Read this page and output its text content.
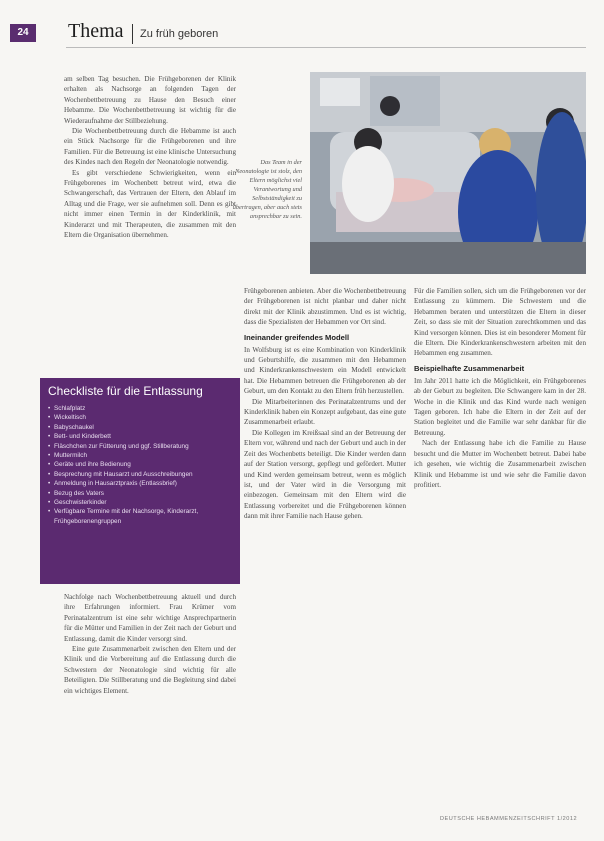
24	Thema Zu früh geboren

am selben Tag besuchen. Die Frühgeborenen der Klinik erhalten als Nachsorge an folgenden Tagen der Wochenbettbetreuung zu Hause den Besuch einer Hebamme. Die Wochenbettbetreuung ist wichtig für die Wiederaufnahme der Stillbeziehung.

Die Wochenbettbetreuung durch die Hebamme ist auch ein Stück Nachsorge für die Frühgeborenen und ihre Familien. Für die Betreuung ist eine klinische Untersuchung des Kindes nach den Regeln der Neonatologie notwendig.

Es gibt verschiedene Schwierigkeiten, wenn ein Frühgeborenes im Wochenbett betreut wird, etwa die Schwangerschaft, das Vertrauen der Eltern, den Ablauf im Alltag und die Frage, wer sie aufnehmen soll. Denn es gibt nicht immer einen Termin in der Kinderklinik, mit Kinderarzt und mit Therapeuten, die zusammen mit den Eltern die Organisation übernehmen.

Das Team in der Neonatologie ist stolz, den Eltern möglichst viel Verantwortung und Selbstständigkeit zu übertragen, aber auch stets ansprechbar zu sein.
Checkliste für die Entlassung
• Schlafplatz
• Wickeltisch
• Babyschaukel
• Bett- und Kinderbett
• Fläschchen zur Fütterung und ggf. Stillberatung
• Muttermilch
• Geräte und ihre Bedienung
• Besprechung mit Hausarzt und Ausschreibungen
• Anmeldung in Hausarztpraxis (Entlassbrief)
• Bezug des Vaters
• Geschwisterkinder
• Verfügbare Termine mit der Nachsorge, Kinderarzt, Frühgeborenengruppen

Nachfolge nach Wochenbettbetreuung aktuell und durch ihre Erfahrungen informiert. Frau Krümer vom Perinatalzentrum ist eine sehr wichtige Ansprechpartnerin für die Mütter und Familien in der Zeit nach der Geburt und Entlassung, damit die Kinder versorgt sind.

Eine gute Zusammenarbeit zwischen den Eltern und der Klinik und die Vorbereitung auf die Entlassung durch die Schwestern der Neonatologie sind wichtig für alle Beteiligten. Die Stillberatung und die Begleitung sind dabei ein wichtiges Element.

Frühgeborenen anbieten. Aber die Wochenbettbetreuung der Frühgeborenen ist nicht planbar und daher nicht direkt mit der Klinik abzustimmen. Und es ist wichtig, dass die Spezialisten der Hebammen vor Ort sind.

Ineinander greifendes Modell

In Wolfsburg ist es eine Kombination von Kinderklinik und Geburtshilfe, die zusammen mit den Hebammen und Kinderkrankenschwestern ein Modell entwickelt hat. Die Hebammen betreuen die Frühgeborenen ab der Geburt, um den Kontakt zu den Eltern früh herzustellen.

Die Mitarbeiterinnen des Perinatalzentrums und der Kinderklinik haben ein Konzept aufgebaut, das eine gute Zusammenarbeit erlaubt.

Die Kollegen im Kreißsaal sind an der Betreuung der Eltern vor, während und nach der Geburt und auch in der Zeit des Wochenbetts beteiligt. Die Kinder werden dann auf der Station versorgt, gepflegt und gefördert. Mutter und Kind werden gemeinsam betreut, wenn es möglich ist, und der Vater wird in die Versorgung mit einbezogen. Gemeinsam mit den Eltern wird die Entlassung vorbereitet und die Frühgeborenen können dann mit ihrer Familie nach Hause gehen.

Für die Familien sollen, sich um die Frühgeborenen vor der Entlassung zu kümmern. Die Schwestern und die Hebammen beraten und unterstützen die Eltern in dieser Zeit, so dass sie mit der Situation zurechtkommen und das Kind versorgen können. Dies ist ein besonderer Moment für die Eltern. Die Kinderkrankenschwestern arbeiten mit den Hebammen eng zusammen.

Beispielhafte Zusammenarbeit

Im Jahr 2011 hatte ich die Möglichkeit, ein Frühgeborenes ab der Geburt zu begleiten. Die Schwangere kam in der 28. Woche in die Klinik und das Kind wurde nach wenigen Tagen geboren. Ich habe die Eltern in der Zeit auf der Station begleitet und die Familie war sehr dankbar für die Betreuung.

Nach der Entlassung habe ich die Familie zu Hause besucht und die Mutter im Wochenbett betreut. Dabei habe ich gesehen, wie wichtig die Zusammenarbeit zwischen Klinik und Hebamme ist und wie sehr die Familie davon profitiert.

DEUTSCHE HEBAMMENZEITSCHRIFT 1/2012
